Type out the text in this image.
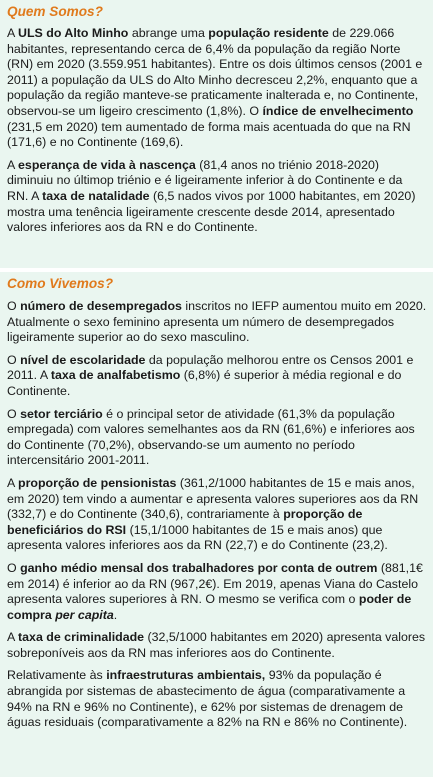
Quem Somos?

A ULS do Alto Minho abrange uma população residente de 229.066 habitantes, representando cerca de 6,4% da população da região Norte (RN) em 2020 (3.559.951 habitantes). Entre os dois últimos censos (2001 e 2011) a população da ULS do Alto Minho decresceu 2,2%, enquanto que a população da região manteve-se praticamente inalterada e, no Continente, observou-se um ligeiro crescimento (1,8%). O índice de envelhecimento (231,5 em 2020) tem aumentado de forma mais acentuada do que na RN (171,6) e no Continente (169,6).

A esperança de vida à nascença (81,4 anos no triénio 2018-2020) diminuiu no últimop triénio e é ligeiramente inferior à do Continente e da RN. A taxa de natalidade (6,5 nados vivos por 1000 habitantes, em 2020) mostra uma tenência ligeiramente crescente desde 2014, apresentado valores inferiores aos da RN e do Continente.

Como Vivemos?

O número de desempregados inscritos no IEFP aumentou muito em 2020. Atualmente o sexo feminino apresenta um número de desempregados ligeiramente superior ao do sexo masculino.

O nível de escolaridade da população melhorou entre os Censos 2001 e 2011. A taxa de analfabetismo (6,8%) é superior à média regional e do Continente.

O setor terciário é o principal setor de atividade (61,3% da população empregada) com valores semelhantes aos da RN (61,6%) e inferiores aos do Continente (70,2%), observando-se um aumento no período intercensitário 2001-2011.

A proporção de pensionistas (361,2/1000 habitantes de 15 e mais anos, em 2020) tem vindo a aumentar e apresenta valores superiores aos da RN (332,7) e do Continente (340,6), contrariamente à proporção de beneficiários do RSI (15,1/1000 habitantes de 15 e mais anos) que apresenta valores inferiores aos da RN (22,7) e do Continente (23,2).

O ganho médio mensal dos trabalhadores por conta de outrem (881,1€ em 2014) é inferior ao da RN (967,2€). Em 2019, apenas Viana do Castelo apresenta valores superiores à RN. O mesmo se verifica com o poder de compra per capita.

A taxa de criminalidade (32,5/1000 habitantes em 2020) apresenta valores sobreponíveis aos da RN mas inferiores aos do Continente.

Relativamente às infraestruturas ambientais, 93% da população é abrangida por sistemas de abastecimento de água (comparativamente a 94% na RN e 96% no Continente), e 62% por sistemas de drenagem de águas residuais (comparativamente a 82% na RN e 86% no Continente).
